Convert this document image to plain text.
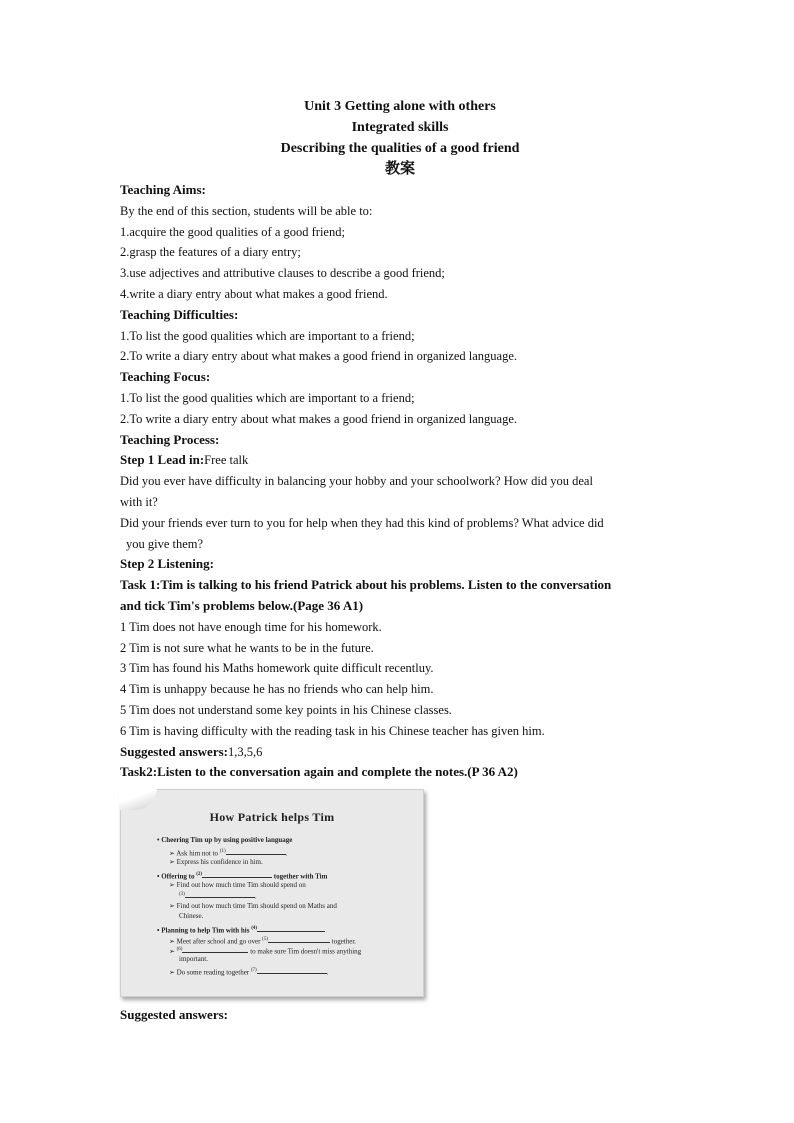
Unit 3 Getting alone with others
Integrated skills
Describing the qualities of a good friend
教案
Teaching Aims:
By the end of this section, students will be able to:
1.acquire the good qualities of a good friend;
2.grasp the features of a diary entry;
3.use adjectives and attributive clauses to describe a good friend;
4.write a diary entry about what makes a good friend.
Teaching Difficulties:
1.To list the good qualities which are important to a friend;
2.To write a diary entry about what makes a good friend in organized language.
Teaching Focus:
1.To list the good qualities which are important to a friend;
2.To write a diary entry about what makes a good friend in organized language.
Teaching Process:
Step 1 Lead in:Free talk
Did you ever have difficulty in balancing your hobby and your schoolwork? How did you deal
with it?
Did your friends ever turn to you for help when they had this kind of problems? What advice did
you give them?
Step 2 Listening:
Task 1:Tim is talking to his friend Patrick about his problems. Listen to the conversation
and tick Tim's problems below.(Page 36 A1)
1 Tim does not have enough time for his homework.
2 Tim is not sure what he wants to be in the future.
3 Tim has found his Maths homework quite difficult recentluy.
4 Tim is unhappy because he has no friends who can help him.
5 Tim does not understand some key points in his Chinese classes.
6 Tim is having difficulty with the reading task in his Chinese teacher has given him.
Suggested answers:1,3,5,6
Task2:Listen to the conversation again and complete the notes.(P 36 A2)
How Patrick helps Tim
• Cheering Tim up by using positive language
➢ Ask him not to $^{(1)}$	.
➢ Express his confidence in him.
• Offering to $^{(2)}$	together with Tim
➢ Find out how much time Tim should spend on
$^{(3)}$	.
➢ Find out how much time Tim should spend on Maths and
Chinese.
• Planning to help Tim with his $^{(4)}$
➢ Meet after school and go over $^{(5)}$	together.
➢ $^{(6)}$	to make sure Tim doesn't miss anything
important.
➢ Do some reading together $^{(7)}$	.
Suggested answers:
